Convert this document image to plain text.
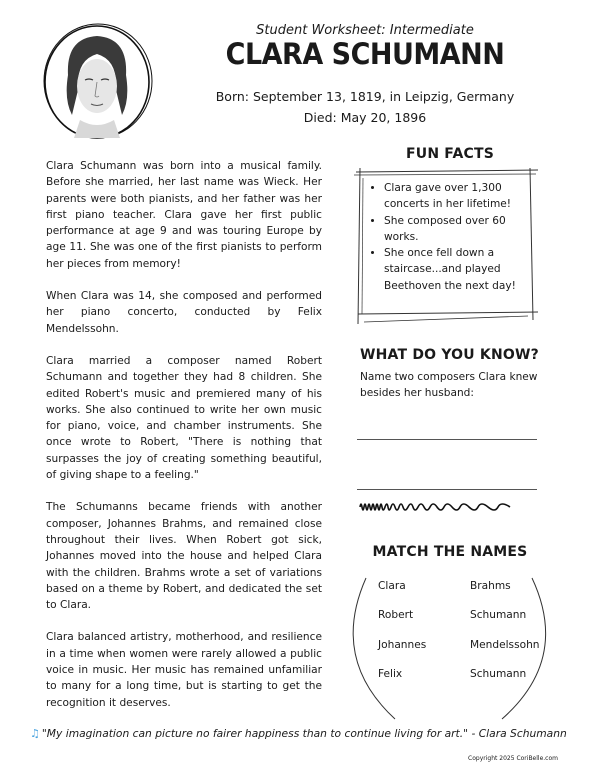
Student Worksheet: Intermediate

CLARA SCHUMANN
Born: September 13, 1819, in Leipzig, Germany
Died: May 20, 1896

Clara Schumann was born into a musical family. Before she married, her last name was Wieck. Her parents were both pianists, and her father was her first piano teacher. Clara gave her first public performance at age 9 and was touring Europe by age 11. She was one of the first pianists to perform her pieces from memory!

When Clara was 14, she composed and performed her piano concerto, conducted by Felix Mendelssohn.

Clara married a composer named Robert Schumann and together they had 8 children. She edited Robert's music and premiered many of his works. She also continued to write her own music for piano, voice, and chamber instruments. She once wrote to Robert, "There is nothing that surpasses the joy of creating something beautiful, of giving shape to a feeling."

The Schumanns became friends with another composer, Johannes Brahms, and remained close throughout their lives. When Robert got sick, Johannes moved into the house and helped Clara with the children. Brahms wrote a set of variations based on a theme by Robert, and dedicated the set to Clara.

Clara balanced artistry, motherhood, and resilience in a time when women were rarely allowed a public voice in music. Her music has remained unfamiliar to many for a long time, but is starting to get the recognition it deserves.

FUN FACTS
• Clara gave over 1,300 concerts in her lifetime!
• She composed over 60 works.
• She once fell down a staircase...and played Beethoven the next day!
WHAT DO YOU KNOW?

Name two composers Clara knew besides her husband:

MATCH THE NAMES
Clara
Robert
Johannes
Felix
Brahms
Schumann
Mendelssohn
Schumann
♫ "My imagination can picture no fairer happiness than to continue living for art." - Clara Schumann
Copyright 2025 CoriBelle.com
